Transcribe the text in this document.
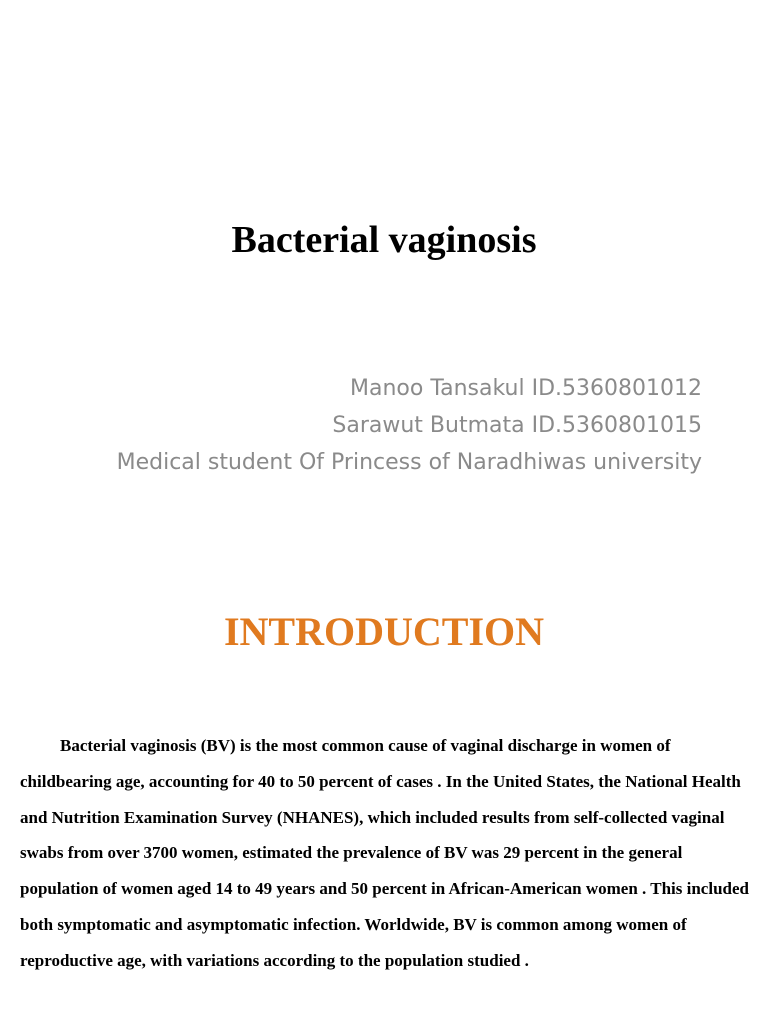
Bacterial vaginosis
Manoo Tansakul ID.5360801012
Sarawut Butmata ID.5360801015
Medical student Of Princess of Naradhiwas university
INTRODUCTION

Bacterial vaginosis (BV) is the most common cause of vaginal discharge in women of childbearing age, accounting for 40 to 50 percent of cases . In the United States, the National Health and Nutrition Examination Survey (NHANES), which included results from self-collected vaginal swabs from over 3700 women, estimated the prevalence of BV was 29 percent in the general population of women aged 14 to 49 years and 50 percent in African-American women . This included both symptomatic and asymptomatic infection. Worldwide, BV is common among women of reproductive age, with variations according to the population studied .
